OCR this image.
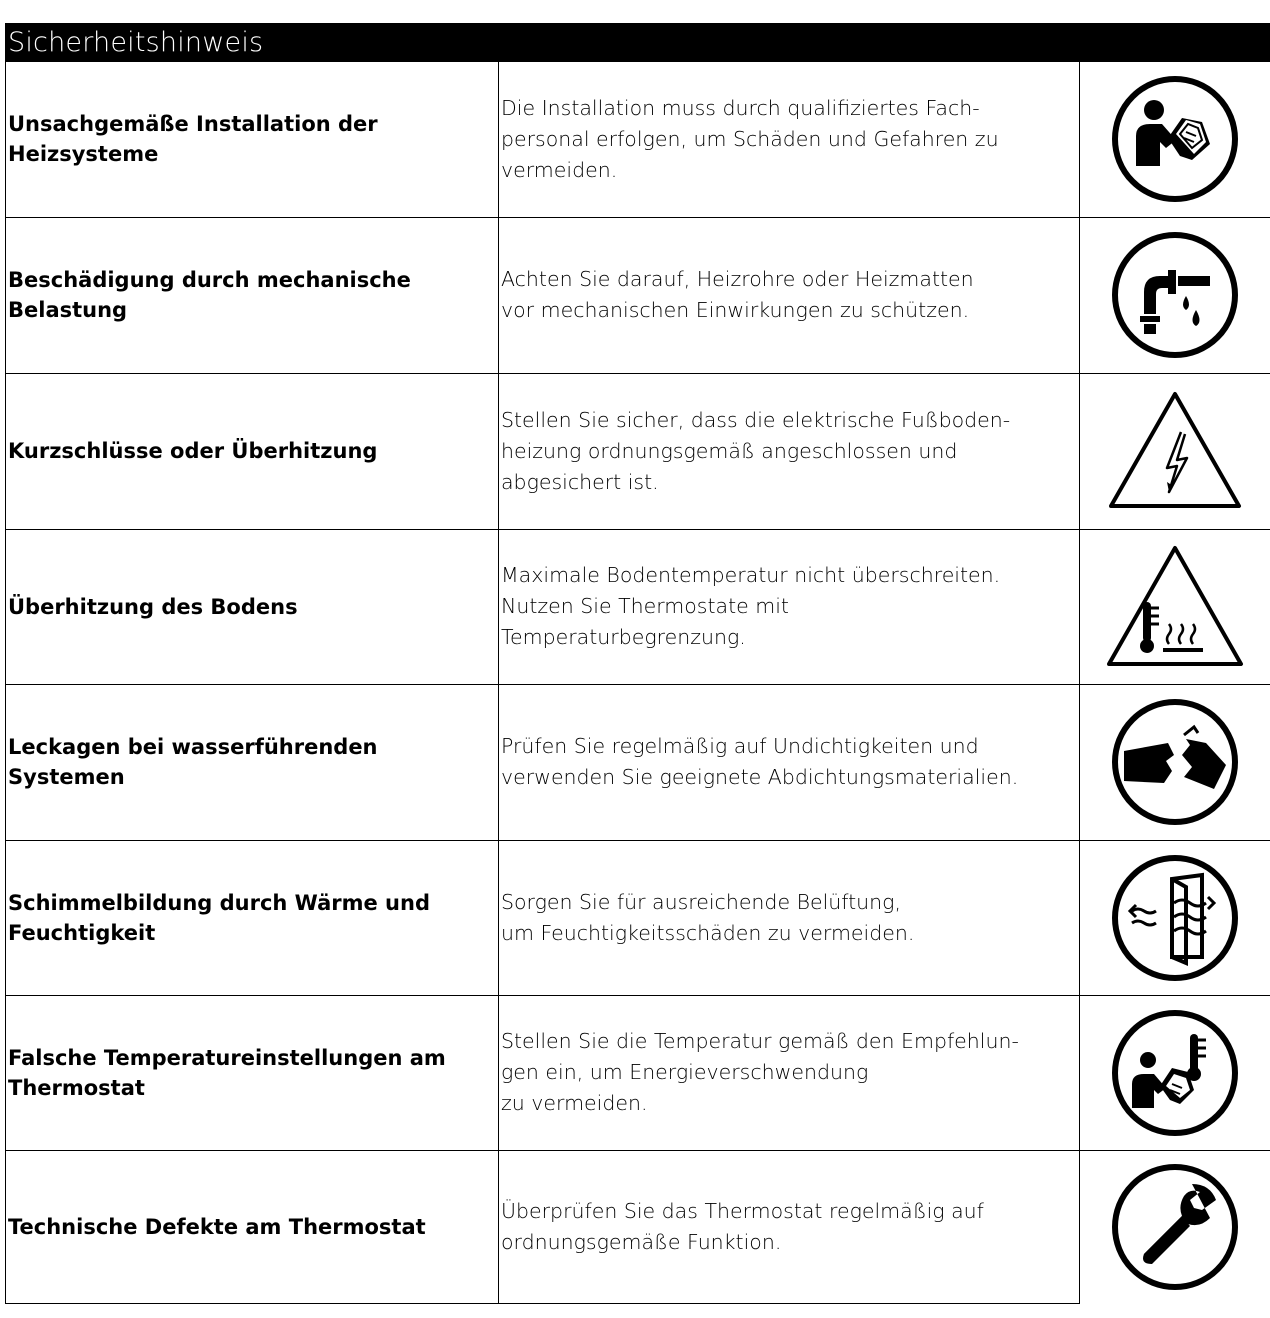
Sicherheitshinweis
Unsachgemäße Installation der
Heizsysteme	Die Installation muss durch qualifiziertes Fach-
personal erfolgen, um Schäden und Gefahren zu
vermeiden.

Beschädigung durch mechanische
Belastung	Achten Sie darauf, Heizrohre oder Heizmatten
vor mechanischen Einwirkungen zu schützen.

Kurzschlüsse oder Überhitzung	Stellen Sie sicher, dass die elektrische Fußboden-
heizung ordnungsgemäß angeschlossen und
abgesichert ist.

Überhitzung des Bodens	Maximale Bodentemperatur nicht überschreiten.
Nutzen Sie Thermostate mit
Temperaturbegrenzung.

Leckagen bei wasserführenden Systemen	Prüfen Sie regelmäßig auf Undichtigkeiten und
verwenden Sie geeignete Abdichtungsmaterialien.

Schimmelbildung durch Wärme und
Feuchtigkeit	Sorgen Sie für ausreichende Belüftung,
um Feuchtigkeitsschäden zu vermeiden.

Falsche Temperatureinstellungen am
Thermostat	Stellen Sie die Temperatur gemäß den Empfehlun-
gen ein, um Energieverschwendung
zu vermeiden.

Technische Defekte am Thermostat	Überprüfen Sie das Thermostat regelmäßig auf
ordnungsgemäße Funktion.
